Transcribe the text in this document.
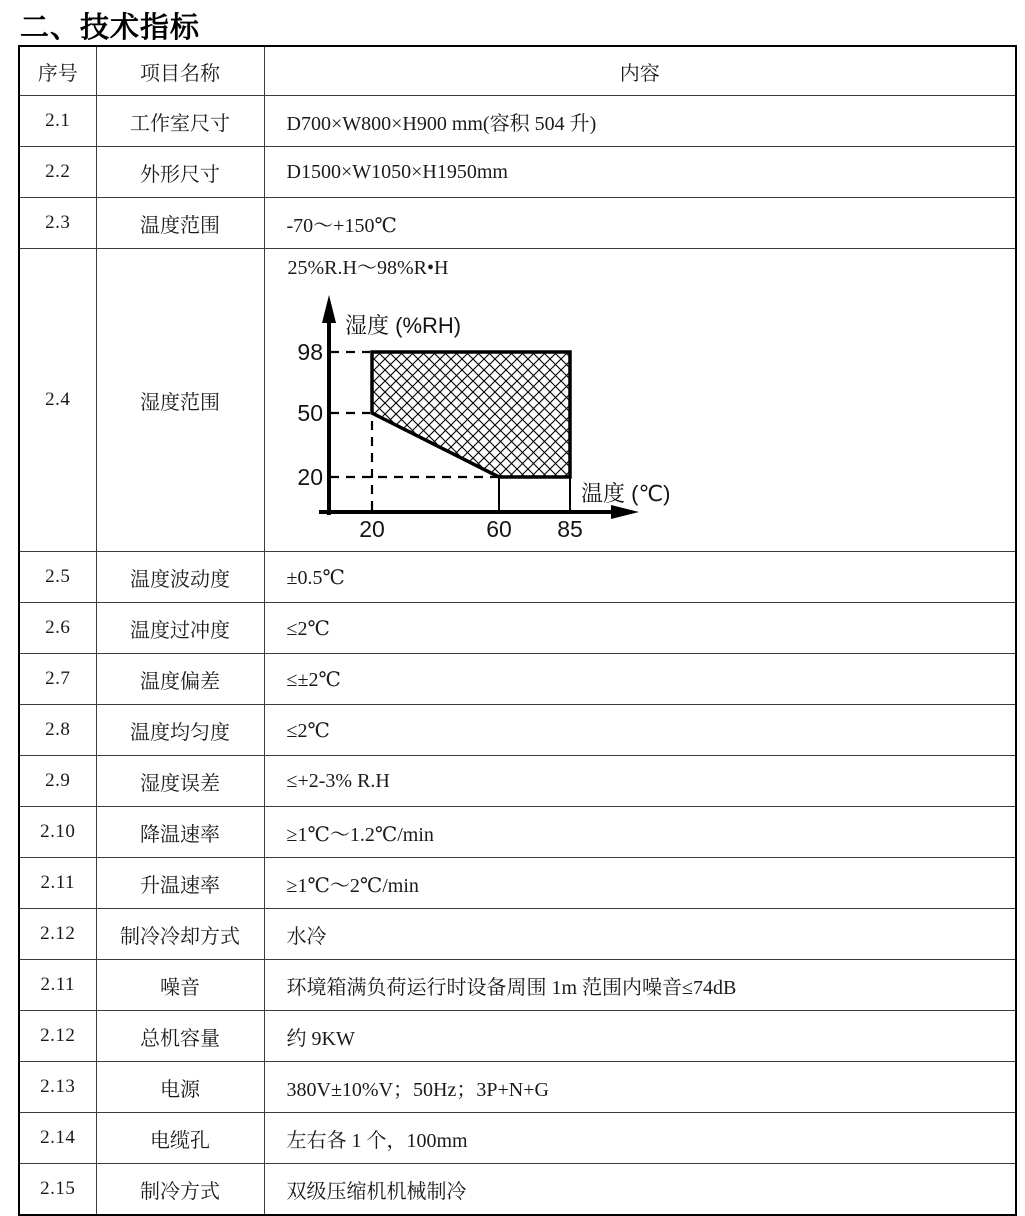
二、技术指标
序号	项目名称	内容
2.1	工作室尺寸	D700×W800×H900 mm(容积 504 升)

2.2	外形尺寸	D1500×W1050×H1950mm

2.3	温度范围	-70～+150℃

2.4	湿度范围	
25%R.H～98%R•H
湿度 (%RH)
温度 (℃)
98
50
20
20	60 85

2.5	温度波动度	±0.5℃

2.6	温度过冲度	≤2℃

2.7	温度偏差	≤±2℃

2.8	温度均匀度	≤2℃

2.9	湿度误差	≤+2-3% R.H

2.10	降温速率	≥1℃～1.2℃/min

2.11	升温速率	≥1℃～2℃/min

2.12	制冷冷却方式	水冷

2.11	噪音	环境箱满负荷运行时设备周围 1m 范围内噪音≤74dB

2.12	总机容量	约 9KW

2.13	电源	380V±10%V；50Hz；3P+N+G

2.14	电缆孔	左右各 1 个，100mm

2.15	制冷方式	双级压缩机机械制冷
